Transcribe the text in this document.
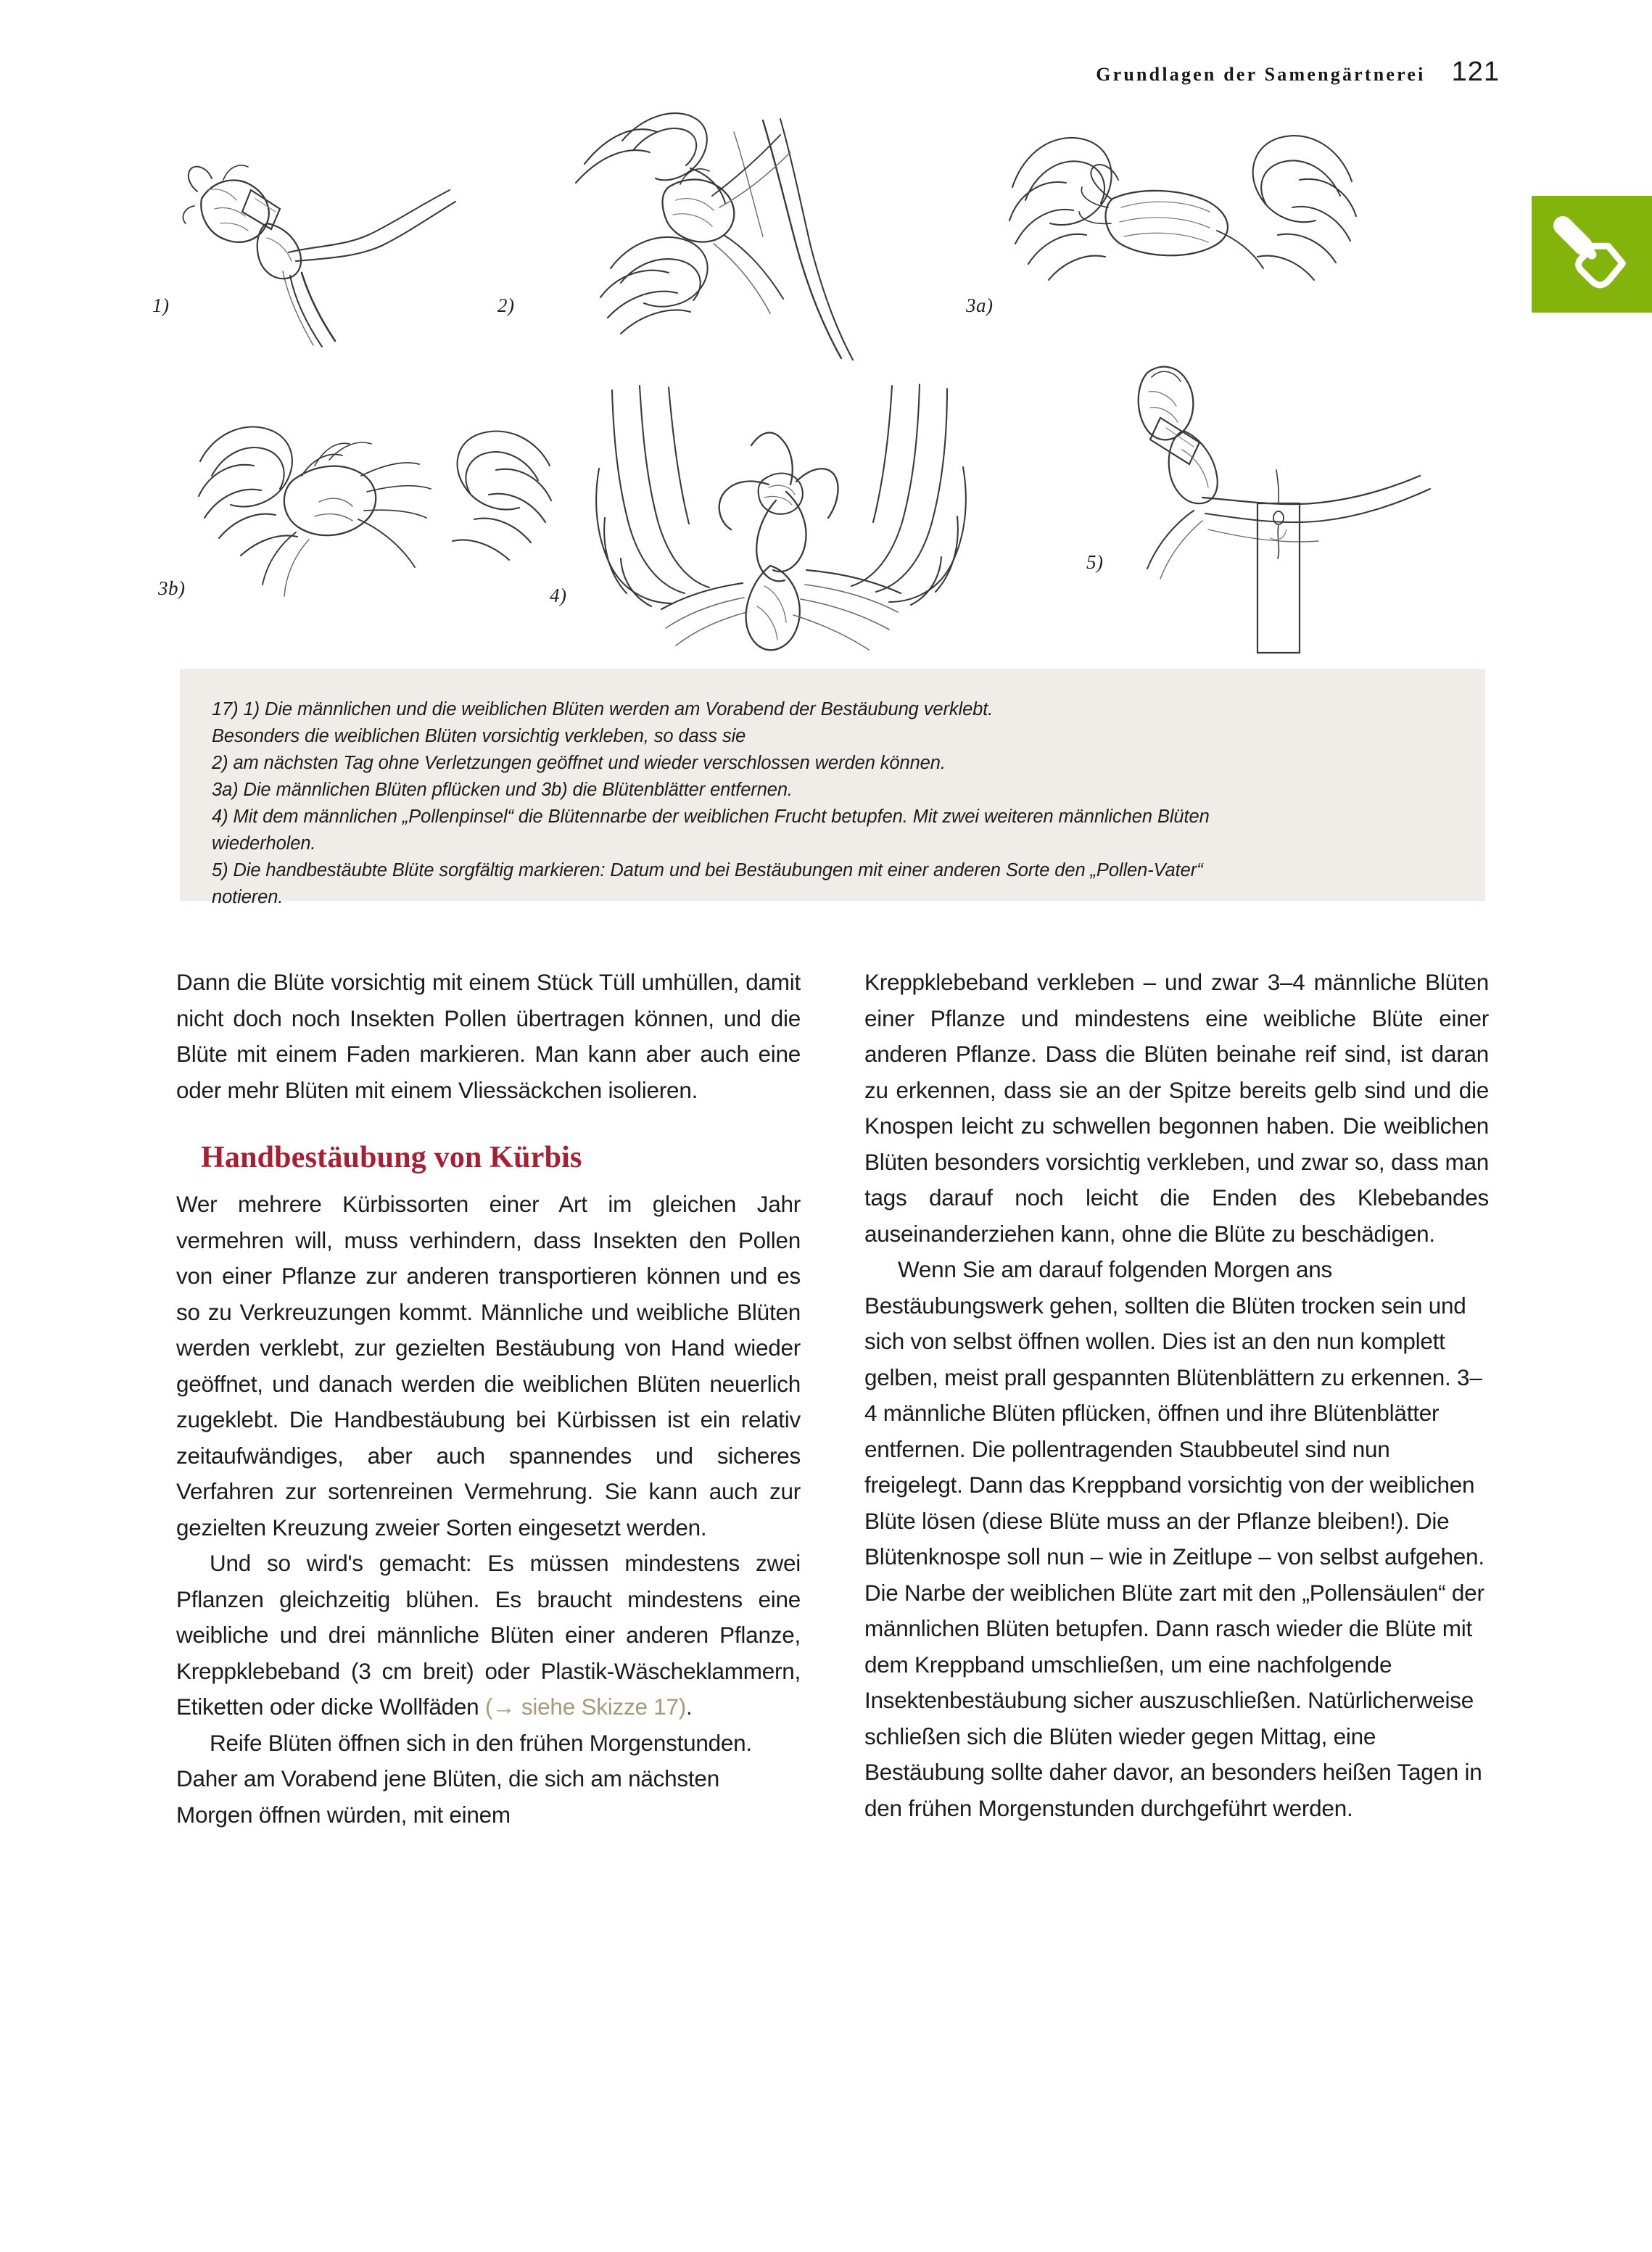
Grundlagen der Samengärtnerei 121
1)	2)	3a)
3b)	4)
5)
17) 1) Die männlichen und die weiblichen Blüten werden am Vorabend der Bestäubung verklebt.
Besonders die weiblichen Blüten vorsichtig verkleben, so dass sie
2) am nächsten Tag ohne Verletzungen geöffnet und wieder verschlossen werden können.
3a) Die männlichen Blüten pflücken und 3b) die Blütenblätter entfernen.
4) Mit dem männlichen „Pollenpinsel“ die Blütennarbe der weiblichen Frucht betupfen. Mit zwei weiteren männlichen Blüten
wiederholen.
5) Die handbestäubte Blüte sorgfältig markieren: Datum und bei Bestäubungen mit einer anderen Sorte den „Pollen-Vater“
notieren.

Dann die Blüte vorsichtig mit einem Stück Tüll umhüllen, damit nicht doch noch Insekten Pollen übertragen können, und die Blüte mit einem Faden markieren. Man kann aber auch eine oder mehr Blüten mit einem Vliessäckchen isolieren.

Handbestäubung von Kürbis

Wer mehrere Kürbissorten einer Art im gleichen Jahr vermehren will, muss verhindern, dass Insekten den Pollen von einer Pflanze zur anderen transportieren können und es so zu Verkreuzungen kommt. Männliche und weibliche Blüten werden verklebt, zur gezielten Bestäubung von Hand wieder geöffnet, und danach werden die weiblichen Blüten neuerlich zugeklebt. Die Handbestäubung bei Kürbissen ist ein relativ zeitaufwändiges, aber auch spannendes und sicheres Verfahren zur sortenreinen Vermehrung. Sie kann auch zur gezielten Kreuzung zweier Sorten eingesetzt werden.

Und so wird's gemacht: Es müssen mindestens zwei Pflanzen gleichzeitig blühen. Es braucht mindestens eine weibliche und drei männliche Blüten einer anderen Pflanze, Kreppklebeband (3 cm breit) oder Plastik-Wäscheklammern, Etiketten oder dicke Wollfäden (→ siehe Skizze 17).

Reife Blüten öffnen sich in den frühen Morgenstunden. Daher am Vorabend jene Blüten, die sich am nächsten Morgen öffnen würden, mit einem

Kreppklebeband verkleben – und zwar 3–4 männliche Blüten einer Pflanze und mindestens eine weibliche Blüte einer anderen Pflanze. Dass die Blüten beinahe reif sind, ist daran zu erkennen, dass sie an der Spitze bereits gelb sind und die Knospen leicht zu schwellen begonnen haben. Die weiblichen Blüten besonders vorsichtig verkleben, und zwar so, dass man tags darauf noch leicht die Enden des Klebebandes auseinanderziehen kann, ohne die Blüte zu beschädigen.

Wenn Sie am darauf folgenden Morgen ans Bestäubungswerk gehen, sollten die Blüten trocken sein und sich von selbst öffnen wollen. Dies ist an den nun komplett gelben, meist prall gespannten Blütenblättern zu erkennen. 3–4 männliche Blüten pflücken, öffnen und ihre Blütenblätter entfernen. Die pollentragenden Staubbeutel sind nun freigelegt. Dann das Kreppband vorsichtig von der weiblichen Blüte lösen (diese Blüte muss an der Pflanze bleiben!). Die Blütenknospe soll nun – wie in Zeitlupe – von selbst aufgehen. Die Narbe der weiblichen Blüte zart mit den „Pollensäulen“ der männlichen Blüten betupfen. Dann rasch wieder die Blüte mit dem Kreppband umschließen, um eine nachfolgende Insektenbestäubung sicher auszuschließen. Natürlicherweise schließen sich die Blüten wieder gegen Mittag, eine Bestäubung sollte daher davor, an besonders heißen Tagen in den frühen Morgenstunden durchgeführt werden.
